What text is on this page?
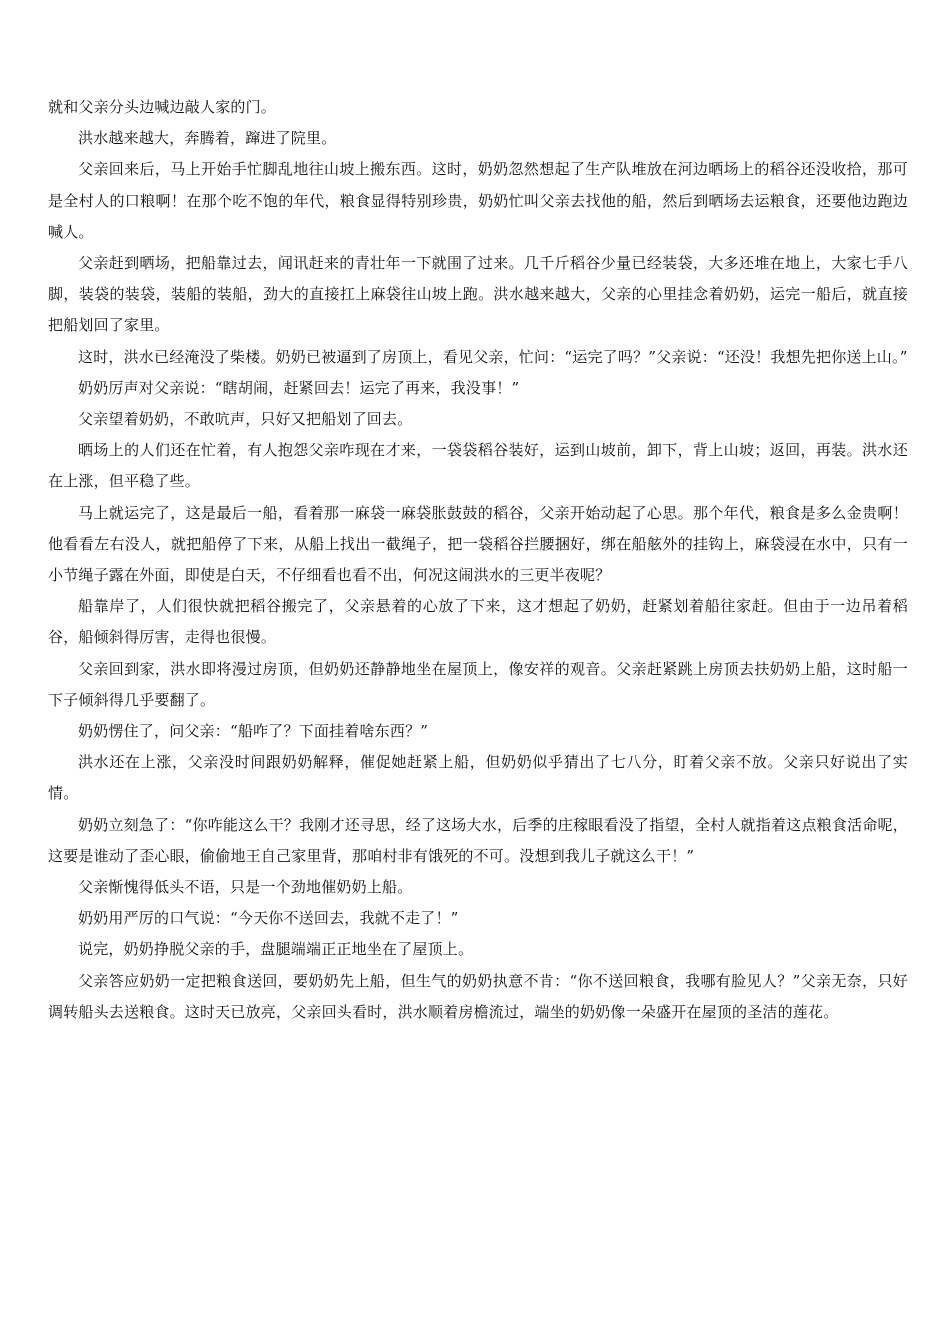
就和父亲分头边喊边敲人家的门。

洪水越来越大，奔腾着，蹿进了院里。

父亲回来后，马上开始手忙脚乱地往山坡上搬东西。这时，奶奶忽然想起了生产队堆放在河边晒场上的稻谷还没收拾，那可是全村人的口粮啊！在那个吃不饱的年代，粮食显得特别珍贵，奶奶忙叫父亲去找他的船，然后到晒场去运粮食，还要他边跑边喊人。

父亲赶到晒场，把船靠过去，闻讯赶来的青壮年一下就围了过来。几千斤稻谷少量已经装袋，大多还堆在地上，大家七手八脚，装袋的装袋，装船的装船，劲大的直接扛上麻袋往山坡上跑。洪水越来越大，父亲的心里挂念着奶奶，运完一船后，就直接把船划回了家里。

这时，洪水已经淹没了柴楼。奶奶已被逼到了房顶上，看见父亲，忙问：“运完了吗？”父亲说：“还没！我想先把你送上山。”

奶奶厉声对父亲说：“瞎胡闹，赶紧回去！运完了再来，我没事！”

父亲望着奶奶，不敢吭声，只好又把船划了回去。

晒场上的人们还在忙着，有人抱怨父亲咋现在才来，一袋袋稻谷装好，运到山坡前，卸下，背上山坡；返回，再装。洪水还在上涨，但平稳了些。

马上就运完了，这是最后一船，看着那一麻袋一麻袋胀鼓鼓的稻谷，父亲开始动起了心思。那个年代，粮食是多么金贵啊！他看看左右没人，就把船停了下来，从船上找出一截绳子，把一袋稻谷拦腰捆好，绑在船舷外的挂钩上，麻袋浸在水中，只有一小节绳子露在外面，即使是白天，不仔细看也看不出，何况这闹洪水的三更半夜呢？

船靠岸了，人们很快就把稻谷搬完了，父亲悬着的心放了下来，这才想起了奶奶，赶紧划着船往家赶。但由于一边吊着稻谷，船倾斜得厉害，走得也很慢。

父亲回到家，洪水即将漫过房顶，但奶奶还静静地坐在屋顶上，像安祥的观音。父亲赶紧跳上房顶去扶奶奶上船，这时船一下子倾斜得几乎要翻了。

奶奶愣住了，问父亲：“船咋了？下面挂着啥东西？”

洪水还在上涨，父亲没时间跟奶奶解释，催促她赶紧上船，但奶奶似乎猜出了七八分，盯着父亲不放。父亲只好说出了实情。

奶奶立刻急了：“你咋能这么干？我刚才还寻思，经了这场大水，后季的庄稼眼看没了指望，全村人就指着这点粮食活命呢，这要是谁动了歪心眼，偷偷地王自己家里背，那咱村非有饿死的不可。没想到我儿子就这么干！”

父亲惭愧得低头不语，只是一个劲地催奶奶上船。

奶奶用严厉的口气说：“今天你不送回去，我就不走了！”

说完，奶奶挣脱父亲的手，盘腿端端正正地坐在了屋顶上。

父亲答应奶奶一定把粮食送回，要奶奶先上船，但生气的奶奶执意不肯：“你不送回粮食，我哪有脸见人？”父亲无奈，只好调转船头去送粮食。这时天已放亮，父亲回头看时，洪水顺着房檐流过，端坐的奶奶像一朵盛开在屋顶的圣洁的莲花。
